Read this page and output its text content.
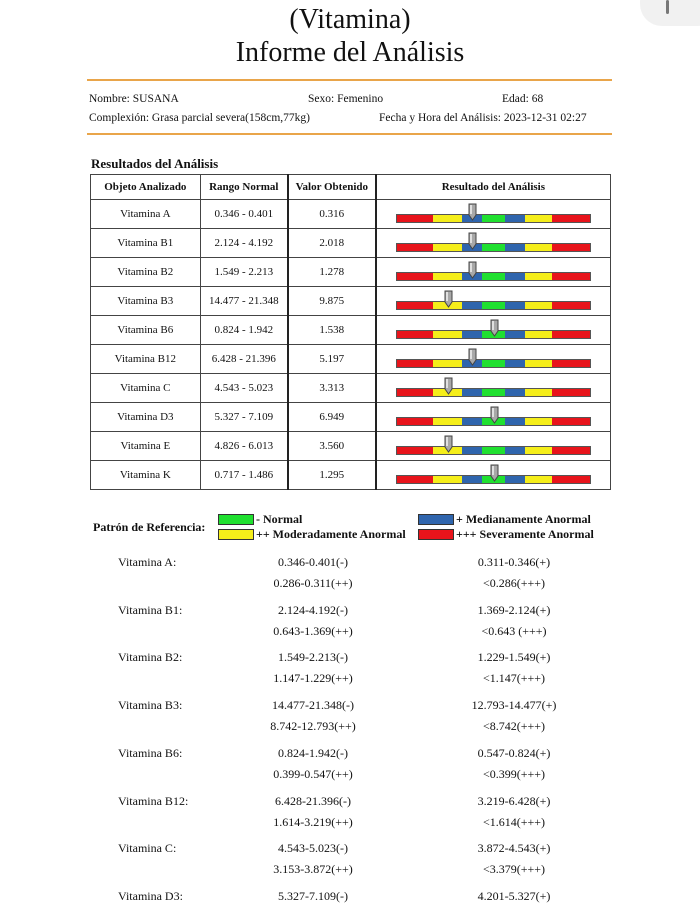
(Vitamina)
Informe del Análisis
Nombre: SUSANA	Sexo: Femenino	Edad: 68
Complexión: Grasa parcial severa(158cm,77kg)	Fecha y Hora del Análisis: 2023-12-31 02:27
Resultados del Análisis
Objeto Analizado	Rango Normal	Valor Obtenido	Resultado del Análisis
Vitamina A	0.346 - 0.401	0.316	

Vitamina B1	2.124 - 4.192	2.018	

Vitamina B2	1.549 - 2.213	1.278	

Vitamina B3	14.477 - 21.348	9.875	

Vitamina B6	0.824 - 1.942	1.538	

Vitamina B12	6.428 - 21.396	5.197	

Vitamina C	4.543 - 5.023	3.313	

Vitamina D3	5.327 - 7.109	6.949	

Vitamina E	4.826 - 6.013	3.560	

Vitamina K	0.717 - 1.486	1.295	
Patrón de Referencia:
- Normal
++ Moderadamente Anormal
+ Medianamente Anormal
+++ Severamente Anormal
Vitamina A:	0.346-0.401(-)	0.311-0.346(+)
0.286-0.311(++)	<0.286(+++)
Vitamina B1:	2.124-4.192(-)	1.369-2.124(+)
0.643-1.369(++)	<0.643 (+++)
Vitamina B2:	1.549-2.213(-)	1.229-1.549(+)
1.147-1.229(++)	<1.147(+++)
Vitamina B3:	14.477-21.348(-)	12.793-14.477(+)
8.742-12.793(++)	<8.742(+++)
Vitamina B6:	0.824-1.942(-)	0.547-0.824(+)
0.399-0.547(++)	<0.399(+++)
Vitamina B12:	6.428-21.396(-)	3.219-6.428(+)
1.614-3.219(++)	<1.614(+++)
Vitamina C:	4.543-5.023(-)	3.872-4.543(+)
3.153-3.872(++)	<3.379(+++)
Vitamina D3:	5.327-7.109(-)	4.201-5.327(+)
